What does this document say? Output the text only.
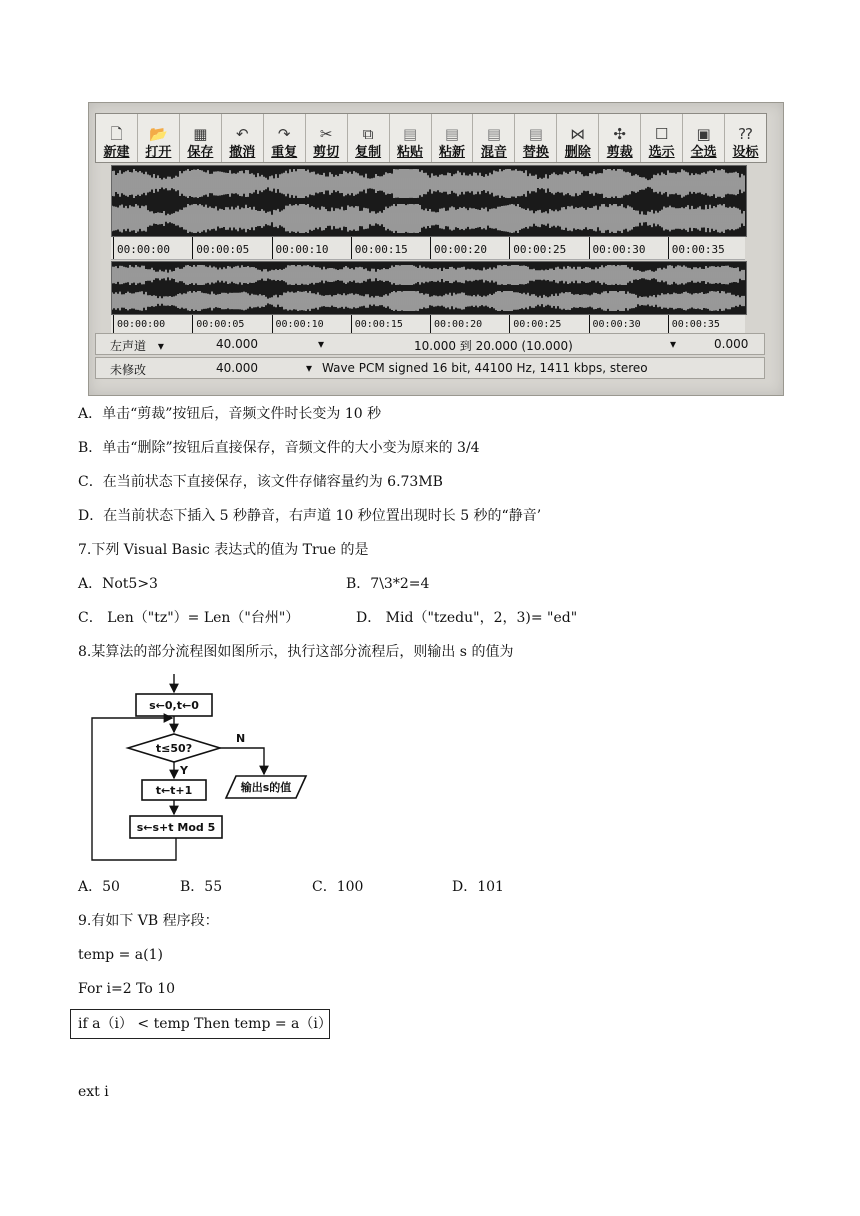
🗋
新建
📂
打开
▦
保存
↶
撤消
↷
重复
✂
剪切
⧉
复制
▤
粘贴
▤
粘新
▤
混音
▤
替换
⋈
删除
✣
剪裁
☐
选示
▣
全选
⁇
设标
00:00:00	00:00:05	00:00:10	00:00:15	00:00:20	00:00:25	00:00:30	00:00:35
00:00:00	00:00:05	00:00:10	00:00:15	00:00:20	00:00:25	00:00:30	00:00:35
左声道 ▾	40.000	▾	10.000 到 20.000 (10.000)	▾	0.000
未修改	40.000	▾ Wave PCM signed 16 bit, 44100 Hz, 1411 kbps, stereo
A．单击“剪裁”按钮后，音频文件时长变为 10 秒
B．单击“删除”按钮后直接保存，音频文件的大小变为原来的 3/4
C．在当前状态下直接保存，该文件存储容量约为 6.73MB
D．在当前状态下插入 5 秒静音，右声道 10 秒位置出现时长 5 秒的“静音’
7.下列 Visual Basic 表达式的值为 True 的是
A．Not5>3	B．7\3*2=4
C． Len（"tz"）= Len（"台州"）	D． Mid（"tzedu"，2，3)= "ed"
8.某算法的部分流程图如图所示，执行这部分流程后，则输出 s 的值为
s←0,t←0
t≤50?
Y
t←t+1
s←s+t Mod 5
N
输出s的值
A．50	B．55	C．100	D．101
9.有如下 VB 程序段：
temp = a(1)
For i=2 To 10
if a（i） < temp Then temp = a（i）
ext i
